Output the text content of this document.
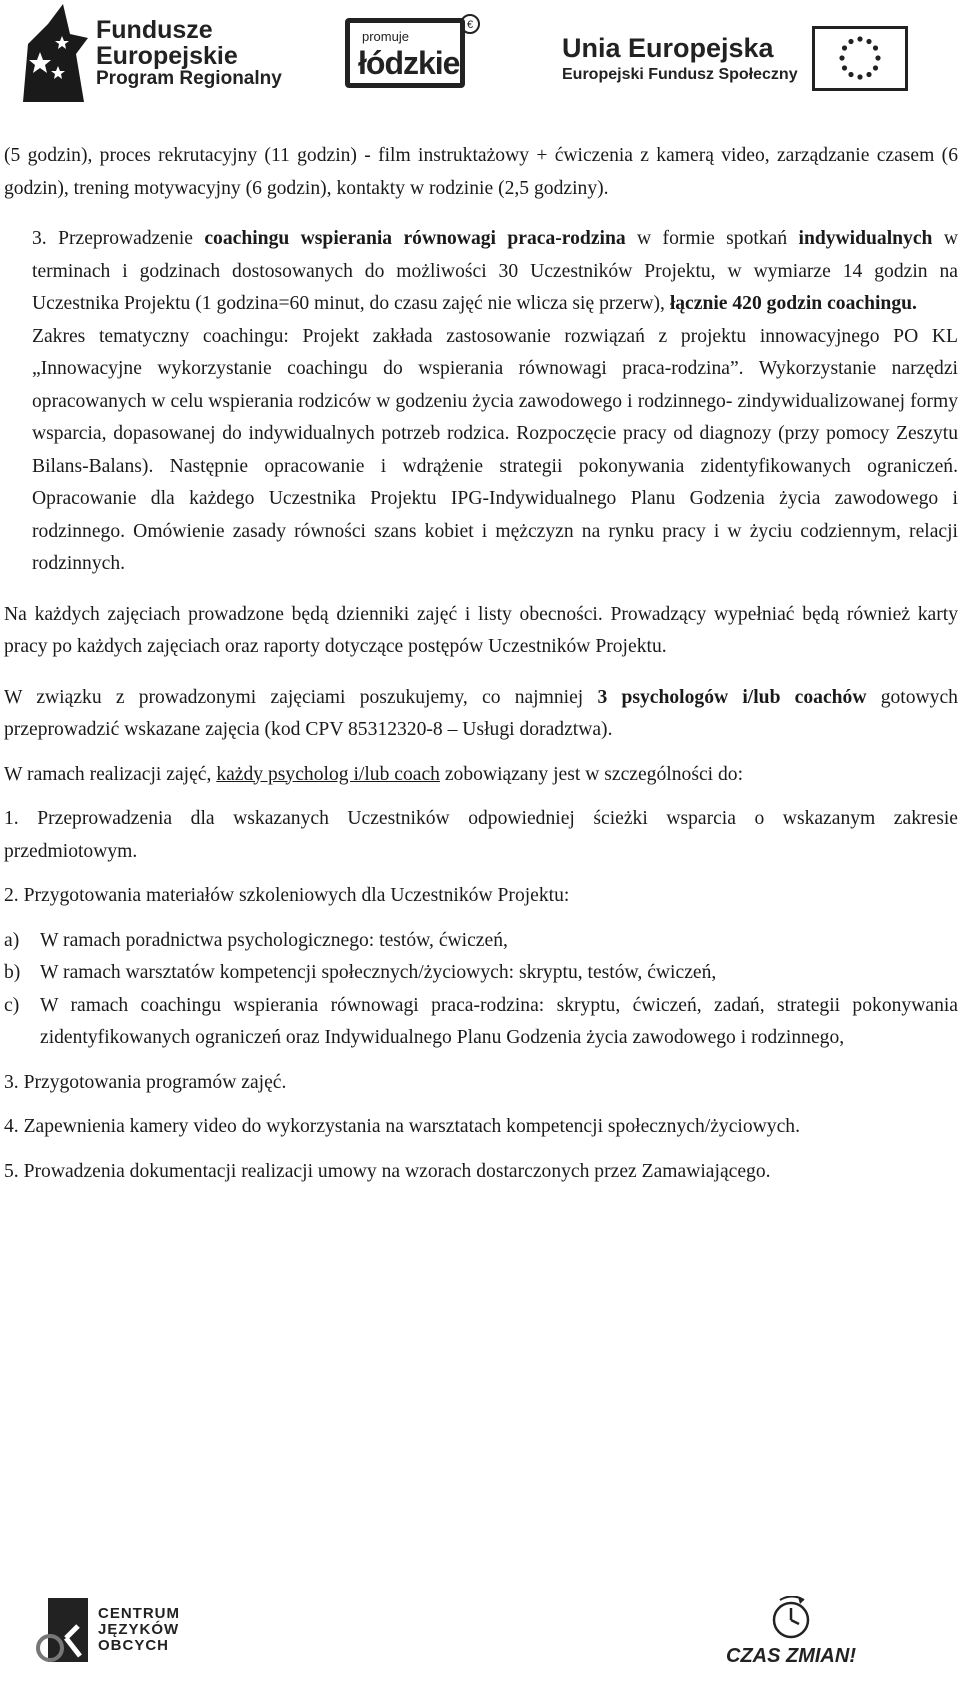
Fundusze
Europejskie
Program Regionalny
promuje
łódzkie
€
Unia Europejska
Europejski Fundusz Społeczny

(5 godzin), proces rekrutacyjny (11 godzin) - film instruktażowy + ćwiczenia z kamerą video, zarządzanie czasem (6 godzin), trening motywacyjny (6 godzin), kontakty w rodzinie (2,5 godziny).

3. Przeprowadzenie coachingu wspierania równowagi praca-rodzina w formie spotkań indywidualnych w terminach i godzinach dostosowanych do możliwości 30 Uczestników Projektu, w wymiarze 14 godzin na Uczestnika Projektu (1 godzina=60 minut, do czasu zajęć nie wlicza się przerw), łącznie 420 godzin coachingu.

Zakres tematyczny coachingu: Projekt zakłada zastosowanie rozwiązań z projektu innowacyjnego PO KL „Innowacyjne wykorzystanie coachingu do wspierania równowagi praca-rodzina”. Wykorzystanie narzędzi opracowanych w celu wspierania rodziców w godzeniu życia zawodowego i rodzinnego- zindywidualizowanej formy wsparcia, dopasowanej do indywidualnych potrzeb rodzica. Rozpoczęcie pracy od diagnozy (przy pomocy Zeszytu Bilans-Balans). Następnie opracowanie i wdrążenie strategii pokonywania zidentyfikowanych ograniczeń. Opracowanie dla każdego Uczestnika Projektu IPG-Indywidualnego Planu Godzenia życia zawodowego i rodzinnego. Omówienie zasady równości szans kobiet i mężczyzn na rynku pracy i w życiu codziennym, relacji rodzinnych.

Na każdych zajęciach prowadzone będą dzienniki zajęć i listy obecności. Prowadzący wypełniać będą również karty pracy po każdych zajęciach oraz raporty dotyczące postępów Uczestników Projektu.

W związku z prowadzonymi zajęciami poszukujemy, co najmniej 3 psychologów i/lub coachów gotowych przeprowadzić wskazane zajęcia (kod CPV 85312320-8 – Usługi doradztwa).

W ramach realizacji zajęć, każdy psycholog i/lub coach zobowiązany jest w szczególności do:

1. Przeprowadzenia dla wskazanych Uczestników odpowiedniej ścieżki wsparcia o wskazanym zakresie przedmiotowym.

2. Przygotowania materiałów szkoleniowych dla Uczestników Projektu:

a)	W ramach poradnictwa psychologicznego: testów, ćwiczeń,
b)	W ramach warsztatów kompetencji społecznych/życiowych: skryptu, testów, ćwiczeń,
c)	W ramach coachingu wspierania równowagi praca-rodzina: skryptu, ćwiczeń, zadań, strategii pokonywania zidentyfikowanych ograniczeń oraz Indywidualnego Planu Godzenia życia zawodowego i rodzinnego,

3. Przygotowania programów zajęć.

4. Zapewnienia kamery video do wykorzystania na warsztatach kompetencji społecznych/życiowych.

5. Prowadzenia dokumentacji realizacji umowy na wzorach dostarczonych przez Zamawiającego.

CENTRUM
JĘZYKÓW
OBCYCH	CZAS ZMIAN!
